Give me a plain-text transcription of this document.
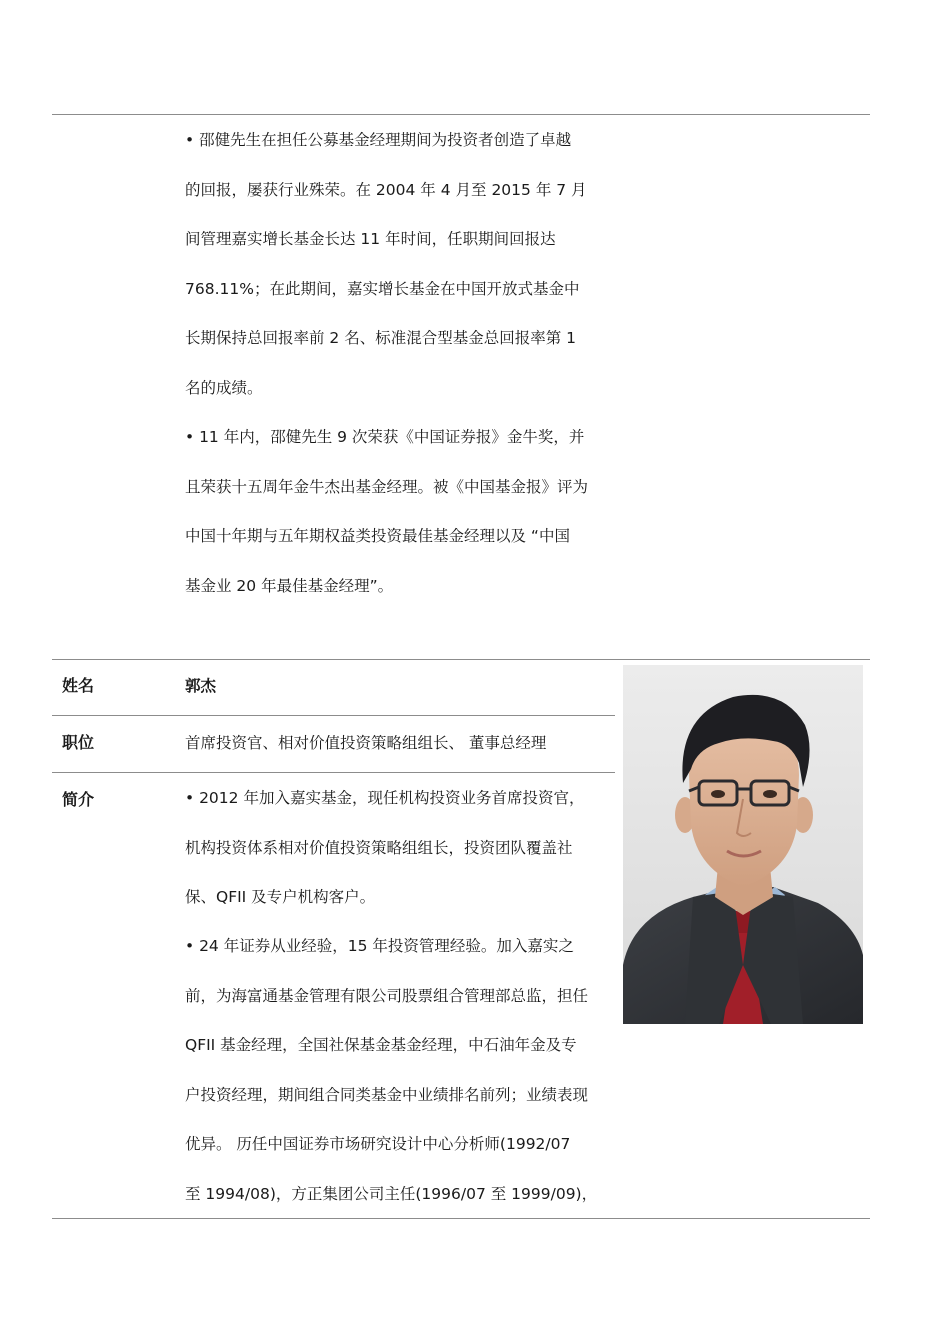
• 邵健先生在担任公募基金经理期间为投资者创造了卓越
的回报，屡获行业殊荣。在 2004 年 4 月至 2015 年 7 月
间管理嘉实增长基金长达 11 年时间，任职期间回报达
768.11%；在此期间，嘉实增长基金在中国开放式基金中
长期保持总回报率前 2 名、标准混合型基金总回报率第 1
名的成绩。
• 11 年内，邵健先生 9 次荣获《中国证券报》金牛奖，并
且荣获十五周年金牛杰出基金经理。被《中国基金报》评为
中国十年期与五年期权益类投资最佳基金经理以及 “中国
基金业 20 年最佳基金经理”。
姓名	郭杰
职位	首席投资官、相对价值投资策略组组长、 董事总经理
简介	• 2012 年加入嘉实基金，现任机构投资业务首席投资官，
机构投资体系相对价值投资策略组组长，投资团队覆盖社
保、QFII 及专户机构客户。
• 24 年证券从业经验，15 年投资管理经验。加入嘉实之
前，为海富通基金管理有限公司股票组合管理部总监，担任
QFII 基金经理，全国社保基金基金经理，中石油年金及专
户投资经理，期间组合同类基金中业绩排名前列；业绩表现
优异。 历任中国证券市场研究设计中心分析师(1992/07
至 1994/08)，方正集团公司主任(1996/07 至 1999/09)，
